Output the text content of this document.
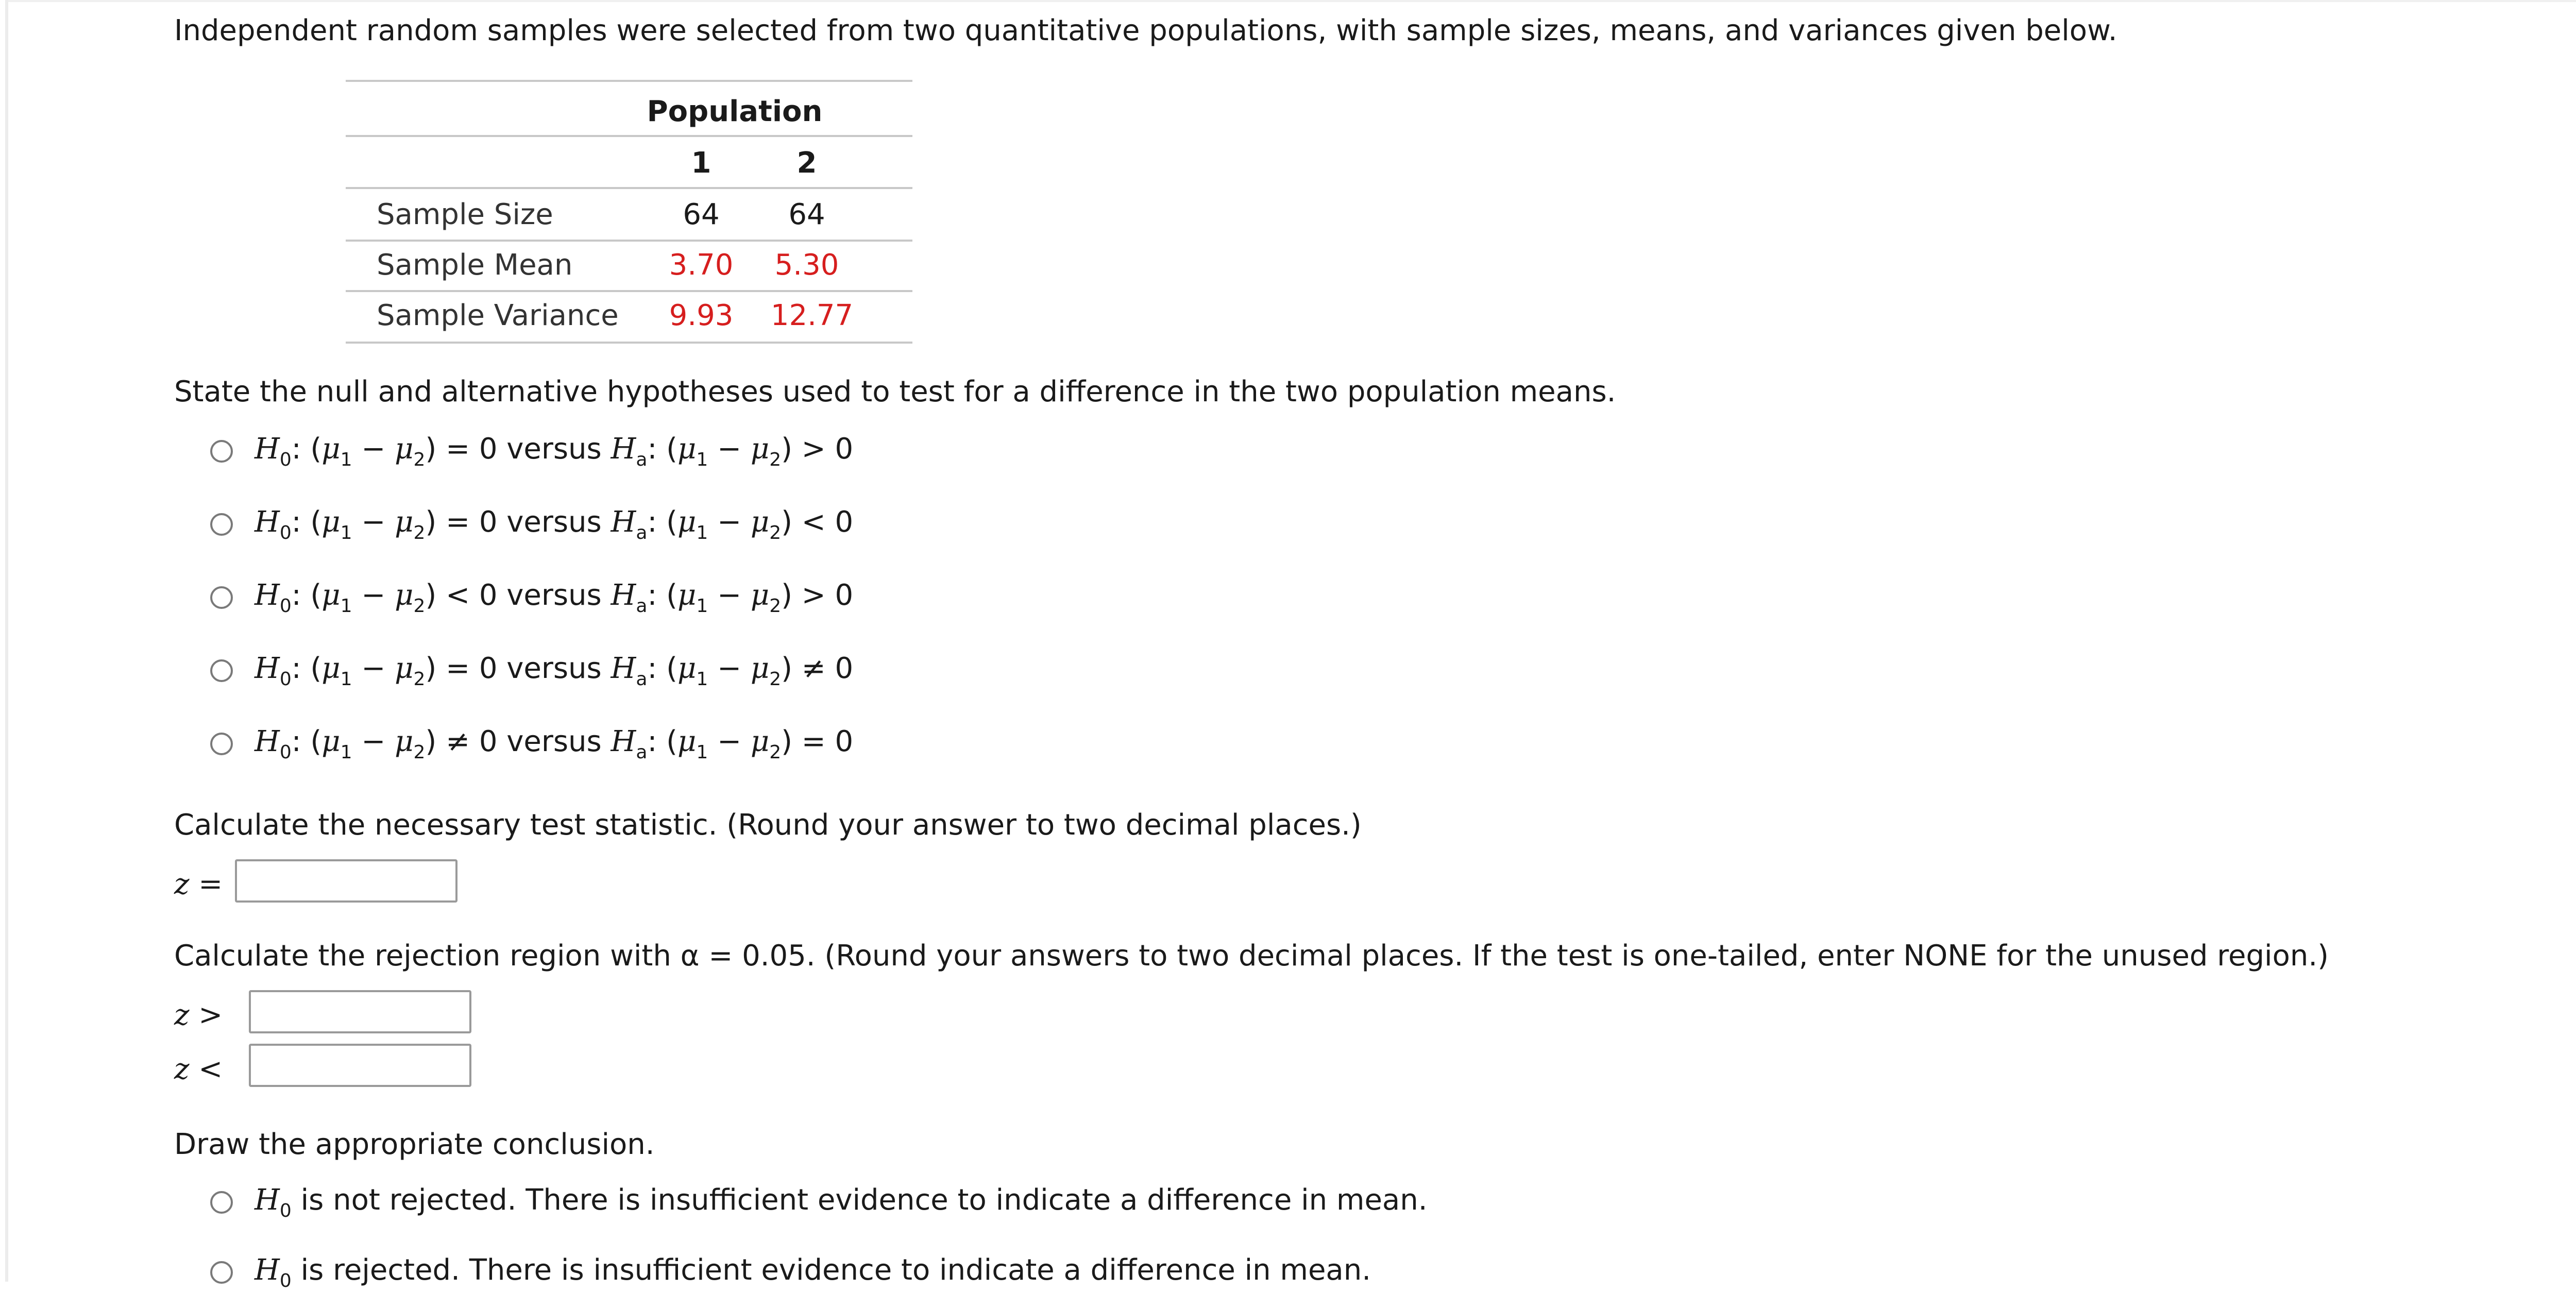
Independent random samples were selected from two quantitative populations, with sample sizes, means, and variances given below.
Population
1	2
Sample Size	64	64
Sample Mean	3.70	5.30
Sample Variance	9.93	12.77
State the null and alternative hypotheses used to test for a difference in the two population means.
$H_0$: $(\mu_1 - \mu_2) = 0$ versus $H_a$: $(\mu_1 - \mu_2) > 0$
$H_0$: $(\mu_1 - \mu_2) = 0$ versus $H_a$: $(\mu_1 - \mu_2) < 0$
$H_0$: $(\mu_1 - \mu_2) < 0$ versus $H_a$: $(\mu_1 - \mu_2) > 0$
$H_0$: $(\mu_1 - \mu_2) = 0$ versus $H_a$: $(\mu_1 - \mu_2) \ne 0$
$H_0$: $(\mu_1 - \mu_2) \ne 0$ versus $H_a$: $(\mu_1 - \mu_2) = 0$
Calculate the necessary test statistic. (Round your answer to two decimal places.)
z =
Calculate the rejection region with α = 0.05. (Round your answers to two decimal places. If the test is one-tailed, enter NONE for the unused region.)
z >
z <
Draw the appropriate conclusion.
$H_0$ is not rejected. There is insufficient evidence to indicate a difference in mean.
$H_0$ is rejected. There is insufficient evidence to indicate a difference in mean.
